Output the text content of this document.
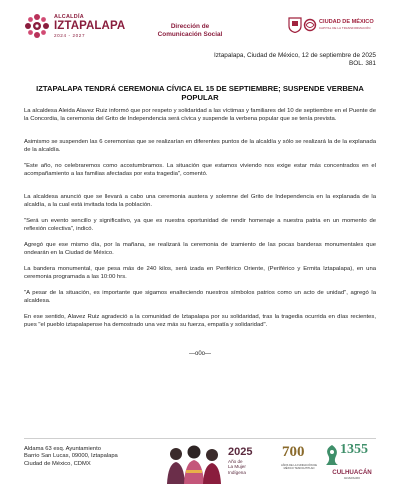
ALCALDÍA
IZTAPALAPA
2024 - 2027
Dirección de
Comunicación Social
CIUDAD DE MÉXICO
CAPITAL DE LA TRANSFORMACIÓN
Iztapalapa, Ciudad de México, 12 de septiembre de 2025
BOL. 381
IZTAPALAPA TENDRÁ CEREMONIA CÍVICA EL 15 DE SEPTIEMBRE; SUSPENDE VERBENA POPULAR

La alcaldesa Aleida Alavez Ruiz informó que por respeto y solidaridad a las víctimas y familiares del 10 de septiembre en el Puente de la Concordia, la ceremonia del Grito de Independencia será cívica y suspende la verbena popular que se tenía prevista.

Asimismo se suspenden las 6 ceremonias que se realizarían en diferentes puntos de la alcaldía y sólo se realizará la de la explanada de la alcaldía.

"Este año, no celebraremos como acostumbramos. La situación que estamos viviendo nos exige estar más concentrados en el acompañamiento a las familias afectadas por esta tragedia", comentó.

La alcaldesa anunció que se llevará a cabo una ceremonia austera y solemne del Grito de Independencia en la explanada de la alcaldía, a la cual está invitada toda la población.

"Será un evento sencillo y significativo, ya que es nuestra oportunidad de rendir homenaje a nuestra patria en un momento de reflexión colectiva", indicó.

Agregó que ese mismo día, por la mañana, se realizará la ceremonia de izamiento de las pocas banderas monumentales que ondearán en la Ciudad de México.

La bandera monumental, que pesa más de 240 kilos, será izada en Periférico Oriente, (Periférico y Ermita Iztapalapa), en una ceremonia programada a las 10:00 hrs.

"A pesar de la situación, es importante que sigamos enalteciendo nuestros símbolos patrios como un acto de unidad", agregó la alcaldesa.

En ese sentido, Alavez Ruiz agradeció a la comunidad de Iztapalapa por su solidaridad, tras la tragedia ocurrida en días recientes, pues "el pueblo iztapalapense ha demostrado una vez más su fuerza, empatía y solidaridad".

—o0o—
Aldama 63 esq. Ayuntamiento
Barrio San Lucas, 09000, Iztapalapa
Ciudad de México, CDMX
2025
Año de
La Mujer
Indígena
700
AÑOS DE LA FUNDACIÓN DE MÉXICO TENOCHTITLAN
1355
CULHUACÁN
ANIVERSARIO
